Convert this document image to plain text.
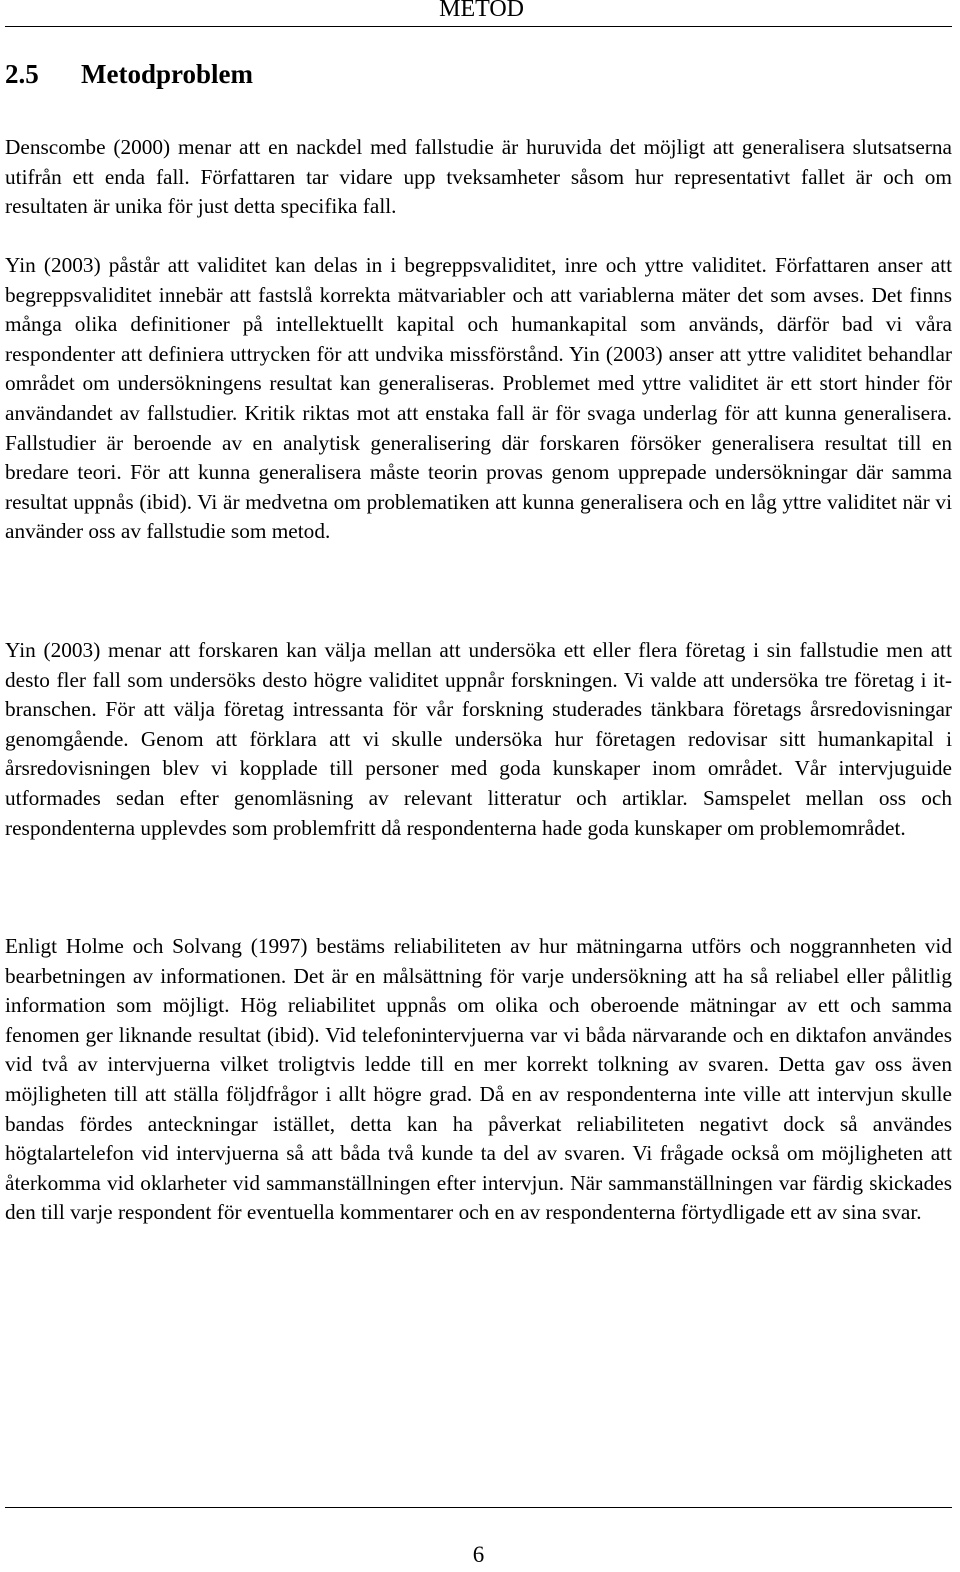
METOD
2.5	Metodproblem

Denscombe (2000) menar att en nackdel med fallstudie är huruvida det möjligt att generalisera slutsatserna utifrån ett enda fall. Författaren tar vidare upp tveksamheter såsom hur representativt fallet är och om resultaten är unika för just detta specifika fall.

Yin (2003) påstår att validitet kan delas in i begreppsvaliditet, inre och yttre validitet. Författaren anser att begreppsvaliditet innebär att fastslå korrekta mätvariabler och att variablerna mäter det som avses. Det finns många olika definitioner på intellektuellt kapital och humankapital som används, därför bad vi våra respondenter att definiera uttrycken för att undvika missförstånd. Yin (2003) anser att yttre validitet behandlar området om undersökningens resultat kan generaliseras. Problemet med yttre validitet är ett stort hinder för användandet av fallstudier. Kritik riktas mot att enstaka fall är för svaga underlag för att kunna generalisera. Fallstudier är beroende av en analytisk generalisering där forskaren försöker generalisera resultat till en bredare teori. För att kunna generalisera måste teorin provas genom upprepade undersökningar där samma resultat uppnås (ibid). Vi är medvetna om problematiken att kunna generalisera och en låg yttre validitet när vi använder oss av fallstudie som metod.

Yin (2003) menar att forskaren kan välja mellan att undersöka ett eller flera företag i sin fallstudie men att desto fler fall som undersöks desto högre validitet uppnår forskningen. Vi valde att undersöka tre företag i it-branschen. För att välja företag intressanta för vår forskning studerades tänkbara företags årsredovisningar genomgående. Genom att förklara att vi skulle undersöka hur företagen redovisar sitt humankapital i årsredovisningen blev vi kopplade till personer med goda kunskaper inom området. Vår intervjuguide utformades sedan efter genomläsning av relevant litteratur och artiklar. Samspelet mellan oss och respondenterna upplevdes som problemfritt då respondenterna hade goda kunskaper om problemområdet.

Enligt Holme och Solvang (1997) bestäms reliabiliteten av hur mätningarna utförs och noggrannheten vid bearbetningen av informationen. Det är en målsättning för varje undersökning att ha så reliabel eller pålitlig information som möjligt. Hög reliabilitet uppnås om olika och oberoende mätningar av ett och samma fenomen ger liknande resultat (ibid). Vid telefonintervjuerna var vi båda närvarande och en diktafon användes vid två av intervjuerna vilket troligtvis ledde till en mer korrekt tolkning av svaren. Detta gav oss även möjligheten till att ställa följdfrågor i allt högre grad. Då en av respondenterna inte ville att intervjun skulle bandas fördes anteckningar istället, detta kan ha påverkat reliabiliteten negativt dock så användes högtalartelefon vid intervjuerna så att båda två kunde ta del av svaren. Vi frågade också om möjligheten att återkomma vid oklarheter vid sammanställningen efter intervjun. När sammanställningen var färdig skickades den till varje respondent för eventuella kommentarer och en av respondenterna förtydligade ett av sina svar.

6
